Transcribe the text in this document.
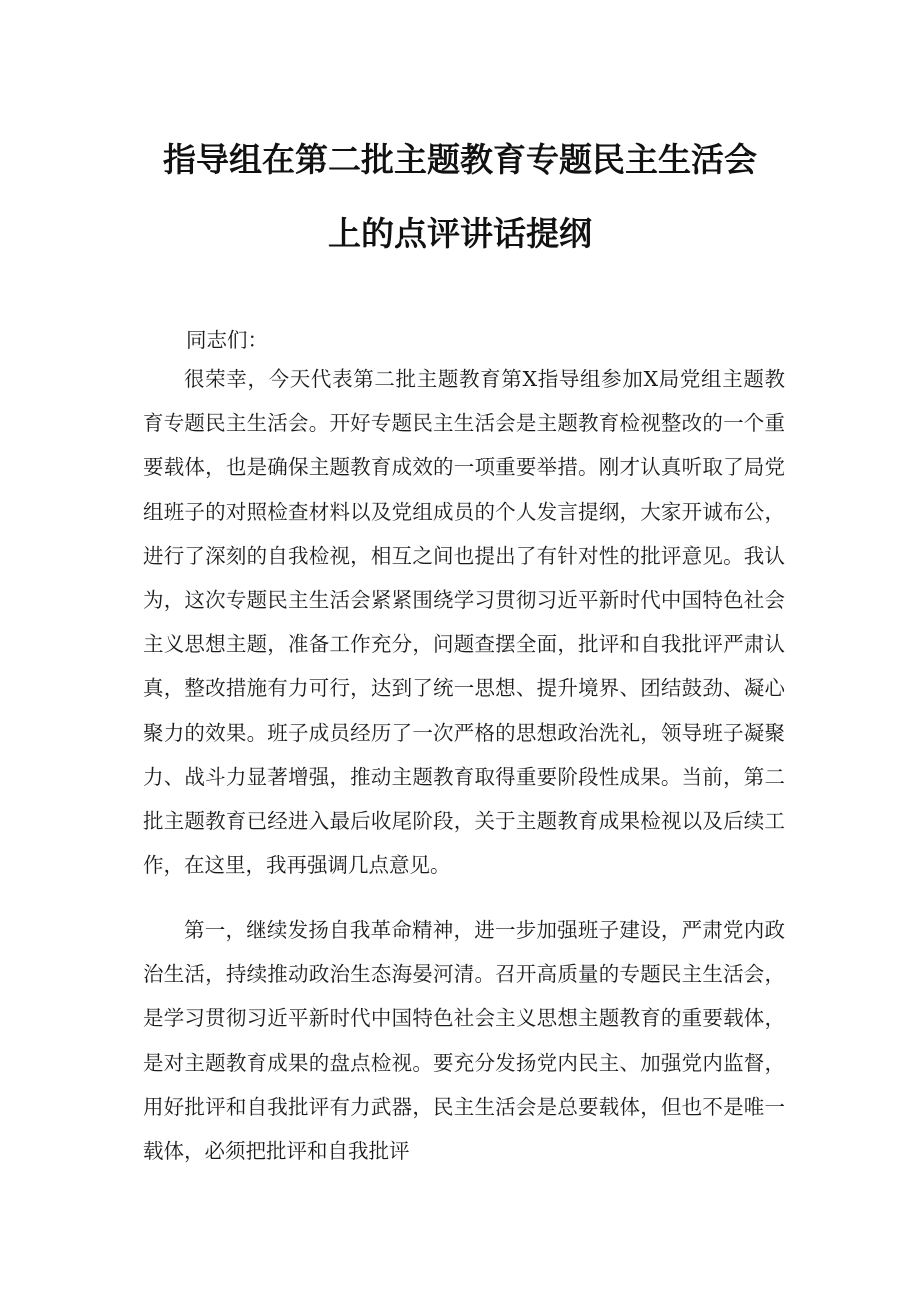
指导组在第二批主题教育专题民主生活会
上的点评讲话提纲

同志们：

很荣幸，今天代表第二批主题教育第X指导组参加X局党组主题教育专题民主生活会。开好专题民主生活会是主题教育检视整改的一个重要载体，也是确保主题教育成效的一项重要举措。刚才认真听取了局党组班子的对照检查材料以及党组成员的个人发言提纲，大家开诚布公，进行了深刻的自我检视，相互之间也提出了有针对性的批评意见。我认为，这次专题民主生活会紧紧围绕学习贯彻习近平新时代中国特色社会主义思想主题，准备工作充分，问题查摆全面，批评和自我批评严肃认真，整改措施有力可行，达到了统一思想、提升境界、团结鼓劲、凝心聚力的效果。班子成员经历了一次严格的思想政治洗礼，领导班子凝聚力、战斗力显著增强，推动主题教育取得重要阶段性成果。当前，第二批主题教育已经进入最后收尾阶段，关于主题教育成果检视以及后续工作，在这里，我再强调几点意见。

第一，继续发扬自我革命精神，进一步加强班子建设，严肃党内政治生活，持续推动政治生态海晏河清。召开高质量的专题民主生活会，是学习贯彻习近平新时代中国特色社会主义思想主题教育的重要载体，是对主题教育成果的盘点检视。要充分发扬党内民主、加强党内监督，用好批评和自我批评有力武器，民主生活会是总要载体，但也不是唯一载体，必须把批评和自我批评
